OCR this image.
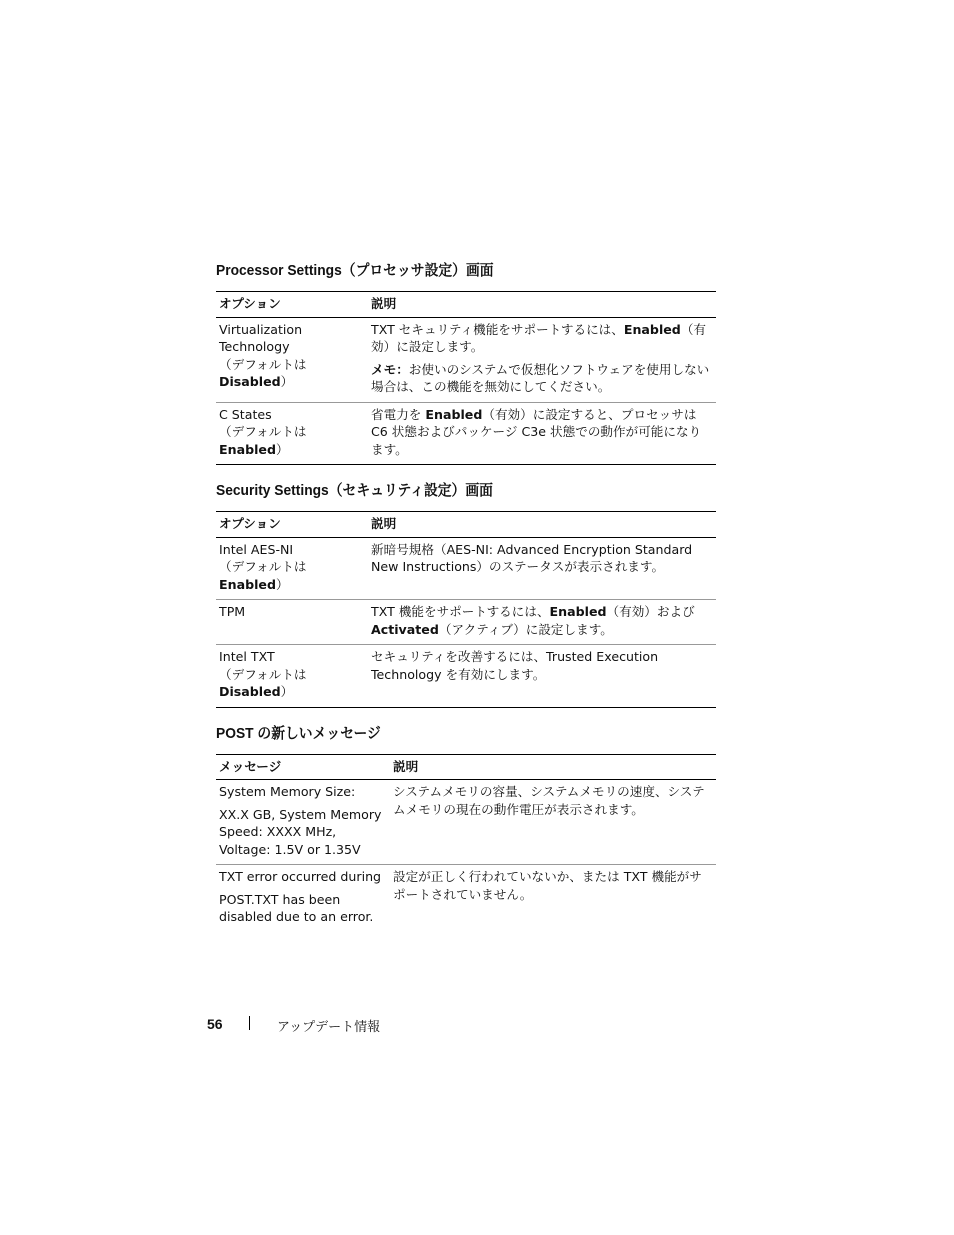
Processor Settings（プロセッサ設定）画面
オプション	説明

Virtualization
Technology
（デフォルトは
Disabled）	TXT セキュリティ機能をサポートするには、Enabled（有効）に設定します。
メモ：お使いのシステムで仮想化ソフトウェアを使用しない場合は、この機能を無効にしてください。

C States
（デフォルトは
Enabled）	省電力を Enabled（有効）に設定すると、プロセッサは C6 状態およびパッケージ C3e 状態での動作が可能になります。
Security Settings（セキュリティ設定）画面
オプション	説明
Intel AES-NI
（デフォルトは
Enabled）	新暗号規格（AES-NI: Advanced Encryption Standard New Instructions）のステータスが表示されます。
TPM	TXT 機能をサポートするには、Enabled（有効）および Activated（アクティブ）に設定します。
Intel TXT
（デフォルトは
Disabled）	セキュリティを改善するには、Trusted Execution Technology を有効にします。
POST の新しいメッセージ
メッセージ	説明

System Memory Size:
XX.X GB, System Memory Speed: XXXX MHz, Voltage: 1.5V or 1.35V	システムメモリの容量、システムメモリの速度、システムメモリの現在の動作電圧が表示されます。

TXT error occurred during
POST.TXT has been disabled due to an error.	設定が正しく行われていないか、または TXT 機能がサポートされていません。
56	アップデート情報
